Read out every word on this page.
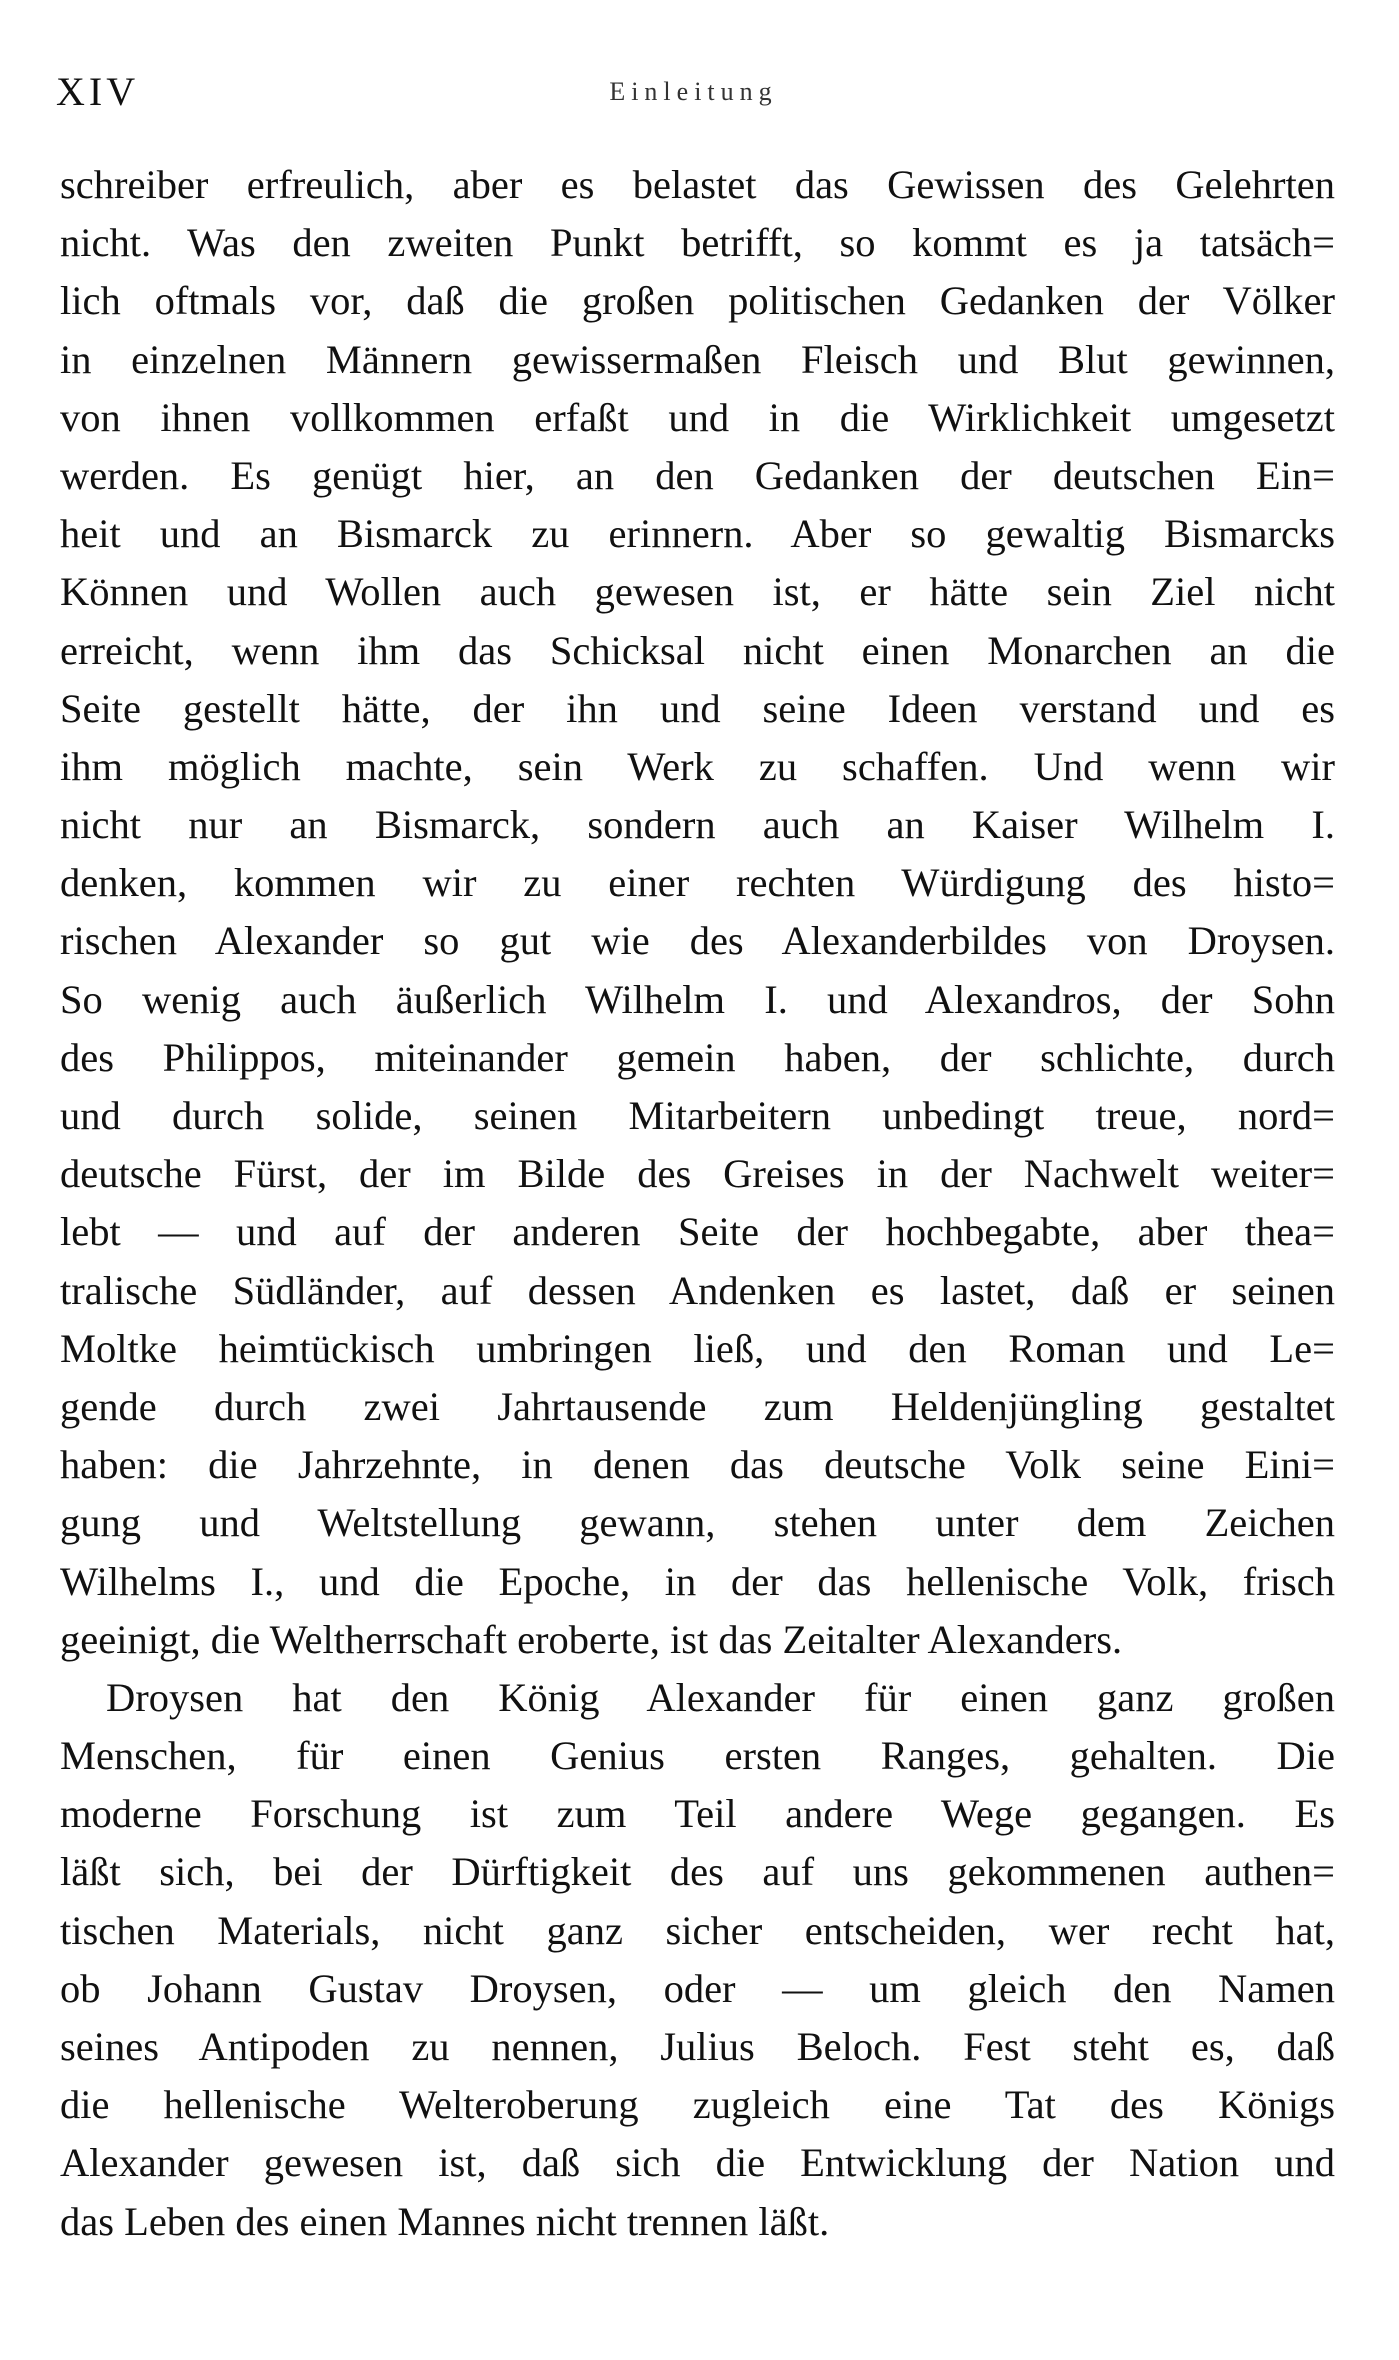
XIV	Einleitung
schreiber erfreulich, aber es belastet das Gewissen des Gelehrten
nicht. Was den zweiten Punkt betrifft, so kommt es ja tatsäch=
lich oftmals vor, daß die großen politischen Gedanken der Völker
in einzelnen Männern gewissermaßen Fleisch und Blut gewinnen,
von ihnen vollkommen erfaßt und in die Wirklichkeit umgesetzt
werden. Es genügt hier, an den Gedanken der deutschen Ein=
heit und an Bismarck zu erinnern. Aber so gewaltig Bismarcks
Können und Wollen auch gewesen ist, er hätte sein Ziel nicht
erreicht, wenn ihm das Schicksal nicht einen Monarchen an die
Seite gestellt hätte, der ihn und seine Ideen verstand und es
ihm möglich machte, sein Werk zu schaffen. Und wenn wir
nicht nur an Bismarck, sondern auch an Kaiser Wilhelm I.
denken, kommen wir zu einer rechten Würdigung des histo=
rischen Alexander so gut wie des Alexanderbildes von Droysen.
So wenig auch äußerlich Wilhelm I. und Alexandros, der Sohn
des Philippos, miteinander gemein haben, der schlichte, durch
und durch solide, seinen Mitarbeitern unbedingt treue, nord=
deutsche Fürst, der im Bilde des Greises in der Nachwelt weiter=
lebt — und auf der anderen Seite der hochbegabte, aber thea=
tralische Südländer, auf dessen Andenken es lastet, daß er seinen
Moltke heimtückisch umbringen ließ, und den Roman und Le=
gende durch zwei Jahrtausende zum Heldenjüngling gestaltet
haben: die Jahrzehnte, in denen das deutsche Volk seine Eini=
gung und Weltstellung gewann, stehen unter dem Zeichen
Wilhelms I., und die Epoche, in der das hellenische Volk, frisch
geeinigt, die Weltherrschaft eroberte, ist das Zeitalter Alexanders.
Droysen hat den König Alexander für einen ganz großen
Menschen, für einen Genius ersten Ranges, gehalten. Die
moderne Forschung ist zum Teil andere Wege gegangen. Es
läßt sich, bei der Dürftigkeit des auf uns gekommenen authen=
tischen Materials, nicht ganz sicher entscheiden, wer recht hat,
ob Johann Gustav Droysen, oder — um gleich den Namen
seines Antipoden zu nennen, Julius Beloch. Fest steht es, daß
die hellenische Welteroberung zugleich eine Tat des Königs
Alexander gewesen ist, daß sich die Entwicklung der Nation und
das Leben des einen Mannes nicht trennen läßt.
